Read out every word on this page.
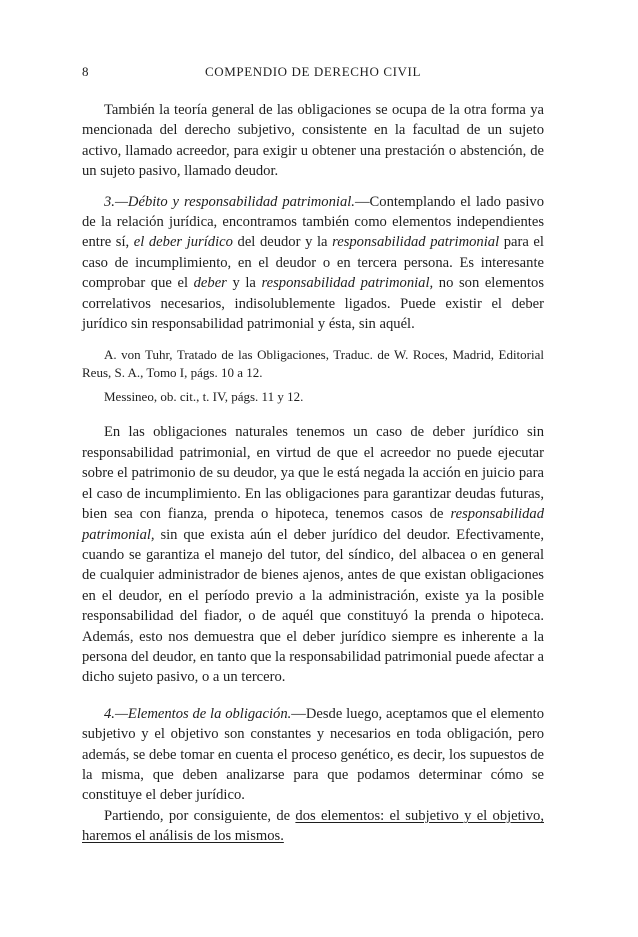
8	COMPENDIO DE DERECHO CIVIL

También la teoría general de las obligaciones se ocupa de la otra forma ya mencionada del derecho subjetivo, consistente en la facultad de un sujeto activo, llamado acreedor, para exigir u obtener una prestación o abstención, de un sujeto pasivo, llamado deudor.

3.—Débito y responsabilidad patrimonial.—Contemplando el lado pasivo de la relación jurídica, encontramos también como elementos independientes entre sí, el deber jurídico del deudor y la responsabilidad patrimonial para el caso de incumplimiento, en el deudor o en tercera persona. Es interesante comprobar que el deber y la responsabilidad patrimonial, no son elementos correlativos necesarios, indisolublemente ligados. Puede existir el deber jurídico sin responsabilidad patrimonial y ésta, sin aquél.

A. von Tuhr, Tratado de las Obligaciones, Traduc. de W. Roces, Madrid, Editorial Reus, S. A., Tomo I, págs. 10 a 12.

Messineo, ob. cit., t. IV, págs. 11 y 12.

En las obligaciones naturales tenemos un caso de deber jurídico sin responsabilidad patrimonial, en virtud de que el acreedor no puede ejecutar sobre el patrimonio de su deudor, ya que le está negada la acción en juicio para el caso de incumplimiento. En las obligaciones para garantizar deudas futuras, bien sea con fianza, prenda o hipoteca, tenemos casos de responsabilidad patrimonial, sin que exista aún el deber jurídico del deudor. Efectivamente, cuando se garantiza el manejo del tutor, del síndico, del albacea o en general de cualquier administrador de bienes ajenos, antes de que existan obligaciones en el deudor, en el período previo a la administración, existe ya la posible responsabilidad del fiador, o de aquél que constituyó la prenda o hipoteca. Además, esto nos demuestra que el deber jurídico siempre es inherente a la persona del deudor, en tanto que la responsabilidad patrimonial puede afectar a dicho sujeto pasivo, o a un tercero.

4.—Elementos de la obligación.—Desde luego, aceptamos que el elemento subjetivo y el objetivo son constantes y necesarios en toda obligación, pero además, se debe tomar en cuenta el proceso genético, es decir, los supuestos de la misma, que deben analizarse para que podamos determinar cómo se constituye el deber jurídico.

Partiendo, por consiguiente, de dos elementos: el subjetivo y el objetivo, haremos el análisis de los mismos.
